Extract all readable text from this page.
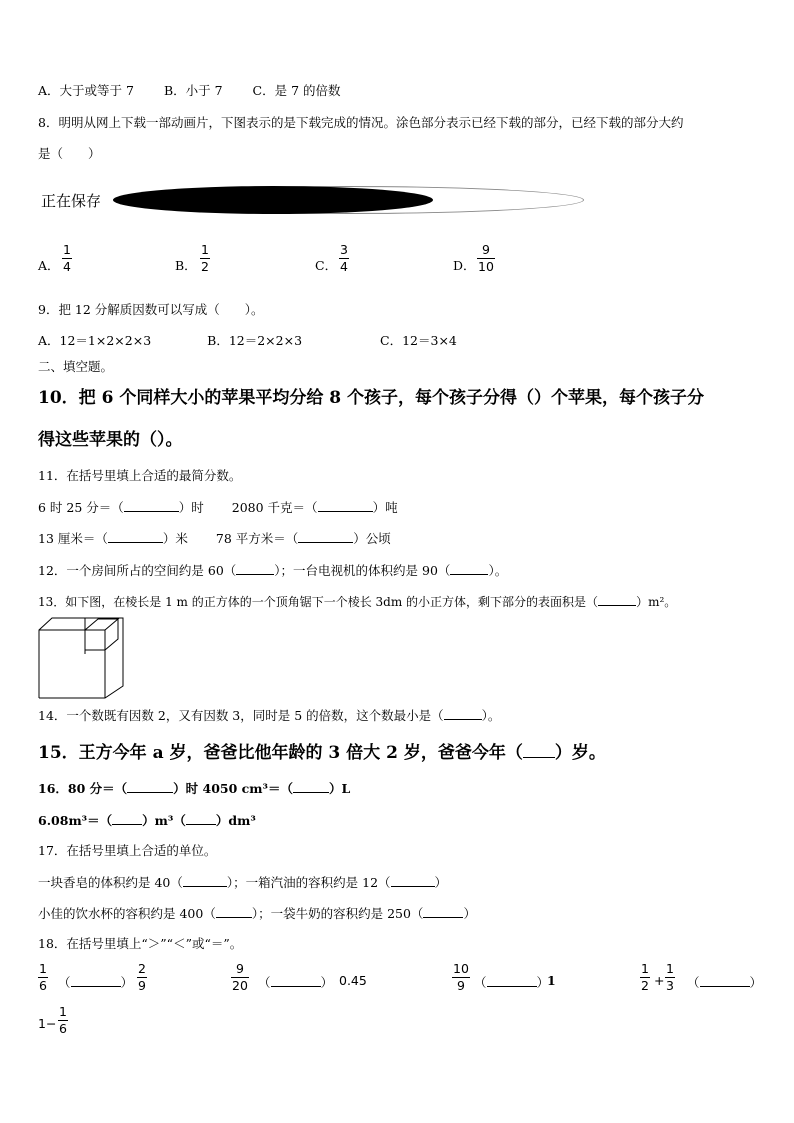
A．大于或等于 7 B．小于 7 C．是 7 的倍数
8．明明从网上下载一部动画片，下图表示的是下载完成的情况。涂色部分表示已经下载的部分，已经下载的部分大约
是（　　）
正在保存
A．
1
4	B．
1
2	C．
3
4	D．
9
10
9．把 12 分解质因数可以写成（　　）。
A．12＝1×2×2×3	B．12＝2×2×3	C．12＝3×4
二、填空题。
10．把 6 个同样大小的苹果平均分给 8 个孩子，每个孩子分得（）个苹果，每个孩子分
得这些苹果的（）。
11．在括号里填上合适的最简分数。
6 时 25 分＝（	）时 2080 千克＝（	）吨
13 厘米＝（	）米 78 平方米＝（	）公顷
12．一个房间所占的空间约是 60（	）；一台电视机的体积约是 90（	）。
13．如下图，在棱长是 1 m 的正方体的一个顶角锯下一个棱长 3dm 的小正方体，剩下部分的表面积是（	）m²。
14．一个数既有因数 2，又有因数 3，同时是 5 的倍数，这个数最小是（	）。
15．王方今年 a 岁，爸爸比他年龄的 3 倍大 2 岁，爸爸今年（ ）岁。
16．80 分＝（	）时 4050 cm³＝（	）L
6.08m³＝（ ）m³（ ）dm³
17．在括号里填上合适的单位。
一块香皂的体积约是 40（	）；一箱汽油的容积约是 12（	）
小佳的饮水杯的容积约是 400（	）；一袋牛奶的容积约是 250（	）
18．在括号里填上“＞”“＜”或“＝”。
1
6 （	）
2
9
9
20 （	） 0.45
10
9 （	）
1
1
2 +
1
3 （	）
1−
1
6
